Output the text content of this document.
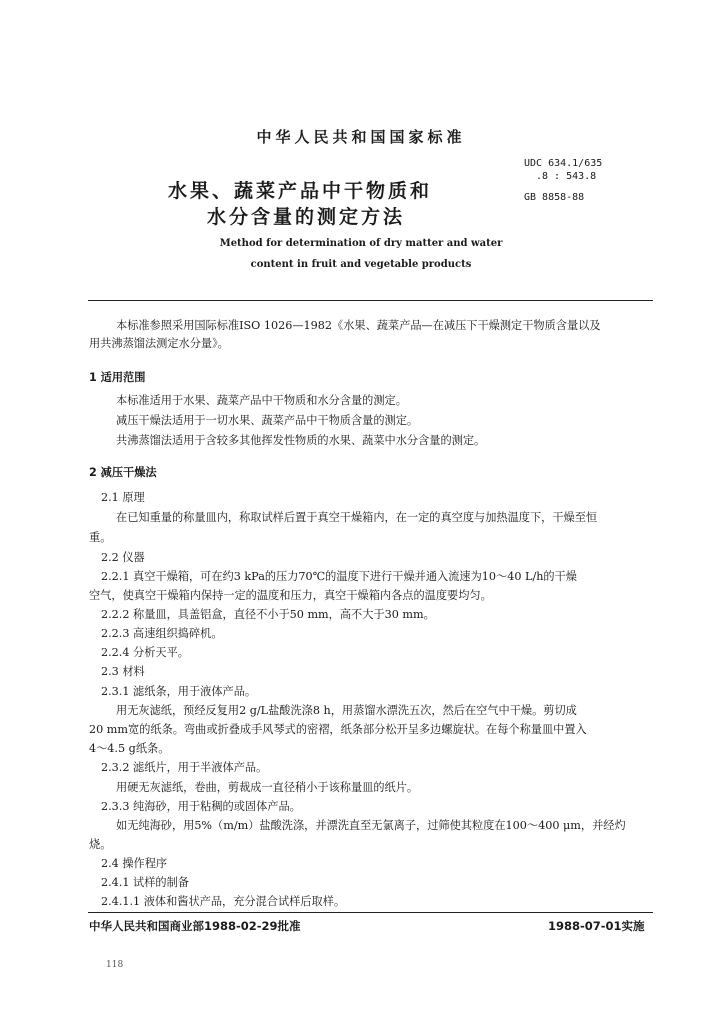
中华人民共和国国家标准
水果、蔬菜产品中干物质和
水分含量的测定方法
UDC 634.1/635
.8 : 543.8
GB 8858-88
Method for determination of dry matter and water
content in fruit and vegetable products
本标准参照采用国际标准ISO 1026—1982《水果、蔬菜产品—在减压下干燥测定干物质含量以及
用共沸蒸馏法测定水分量》。
1 适用范围
本标准适用于水果、蔬菜产品中干物质和水分含量的测定。
减压干燥法适用于一切水果、蔬菜产品中干物质含量的测定。
共沸蒸馏法适用于含较多其他挥发性物质的水果、蔬菜中水分含量的测定。
2 减压干燥法
2.1 原理
在已知重量的称量皿内，称取试样后置于真空干燥箱内，在一定的真空度与加热温度下，干燥至恒
重。
2.2 仪器
2.2.1 真空干燥箱，可在约3 kPa的压力70℃的温度下进行干燥并通入流速为10～40 L/h的干燥
空气，使真空干燥箱内保持一定的温度和压力，真空干燥箱内各点的温度要均匀。
2.2.2 称量皿，具盖铝盒，直径不小于50 mm，高不大于30 mm。
2.2.3 高速组织捣碎机。
2.2.4 分析天平。
2.3 材料
2.3.1 滤纸条，用于液体产品。
用无灰滤纸，预经反复用2 g/L盐酸洗涤8 h，用蒸馏水漂洗五次，然后在空气中干燥。剪切成
20 mm宽的纸条。弯曲或折叠成手风琴式的密褶，纸条部分松开呈多边螺旋状。在每个称量皿中置入
4～4.5 g纸条。
2.3.2 滤纸片，用于半液体产品。
用硬无灰滤纸，卷曲，剪裁成一直径稍小于该称量皿的纸片。
2.3.3 纯海砂，用于粘稠的或固体产品。
如无纯海砂，用5%（m/m）盐酸洗涤，并漂洗直至无氯离子，过筛使其粒度在100～400 μm，并经灼
烧。
2.4 操作程序
2.4.1 试样的制备
2.4.1.1 液体和酱状产品，充分混合试样后取样。
中华人民共和国商业部1988-02-29批准	1988-07-01实施
118
